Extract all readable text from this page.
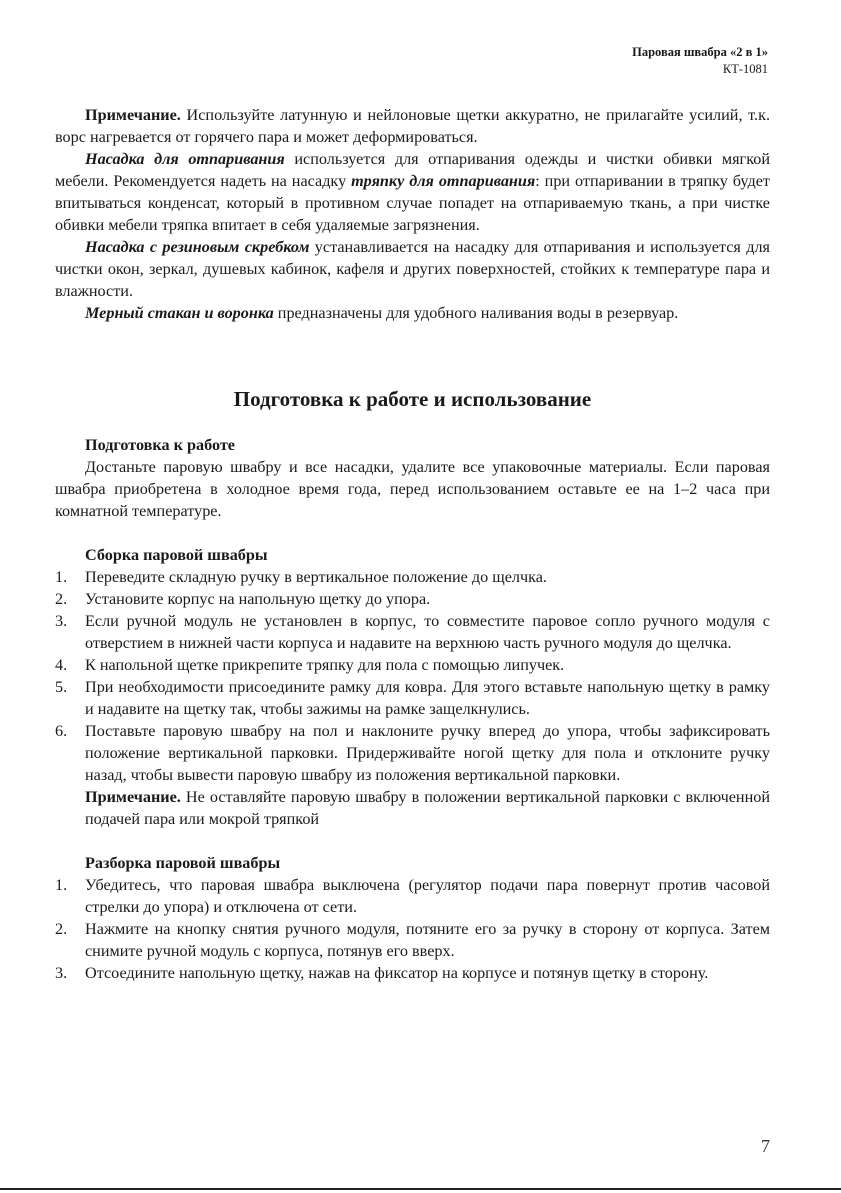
Паровая швабра «2 в 1»
КТ-1081

Примечание. Используйте латунную и нейлоновые щетки аккуратно, не прилагайте усилий, т.к. ворс нагревается от горячего пара и может деформироваться.

Насадка для отпаривания используется для отпаривания одежды и чистки обивки мягкой мебели. Рекомендуется надеть на насадку тряпку для отпаривания: при отпаривании в тряпку будет впитываться конденсат, который в противном случае попадет на отпариваемую ткань, а при чистке обивки мебели тряпка впитает в себя удаляемые загрязнения.

Насадка с резиновым скребком устанавливается на насадку для отпаривания и используется для чистки окон, зеркал, душевых кабинок, кафеля и других поверхностей, стойких к температуре пара и влажности.

Мерный стакан и воронка предназначены для удобного наливания воды в резервуар.

Подготовка к работе и использование
Подготовка к работе

Достаньте паровую швабру и все насадки, удалите все упаковочные материалы. Если паровая швабра приобретена в холодное время года, перед использованием оставьте ее на 1–2 часа при комнатной температуре.

Сборка паровой швабры
1. Переведите складную ручку в вертикальное положение до щелчка.
2. Установите корпус на напольную щетку до упора.
3. Если ручной модуль не установлен в корпус, то совместите паровое сопло ручного модуля с отверстием в нижней части корпуса и надавите на верхнюю часть ручного модуля до щелчка.
4. К напольной щетке прикрепите тряпку для пола с помощью липучек.
5. При необходимости присоедините рамку для ковра. Для этого вставьте напольную щетку в рамку и надавите на щетку так, чтобы зажимы на рамке защелкнулись.
6. Поставьте паровую швабру на пол и наклоните ручку вперед до упора, чтобы зафиксировать положение вертикальной парковки. Придерживайте ногой щетку для пола и отклоните ручку назад, чтобы вывести паровую швабру из положения вертикальной парковки.

Примечание. Не оставляйте паровую швабру в положении вертикальной парковки с включенной подачей пара или мокрой тряпкой

Разборка паровой швабры
1. Убедитесь, что паровая швабра выключена (регулятор подачи пара повернут против часовой стрелки до упора) и отключена от сети.
2. Нажмите на кнопку снятия ручного модуля, потяните его за ручку в сторону от корпуса. Затем снимите ручной модуль с корпуса, потянув его вверх.
3. Отсоедините напольную щетку, нажав на фиксатор на корпусе и потянув щетку в сторону.
7
